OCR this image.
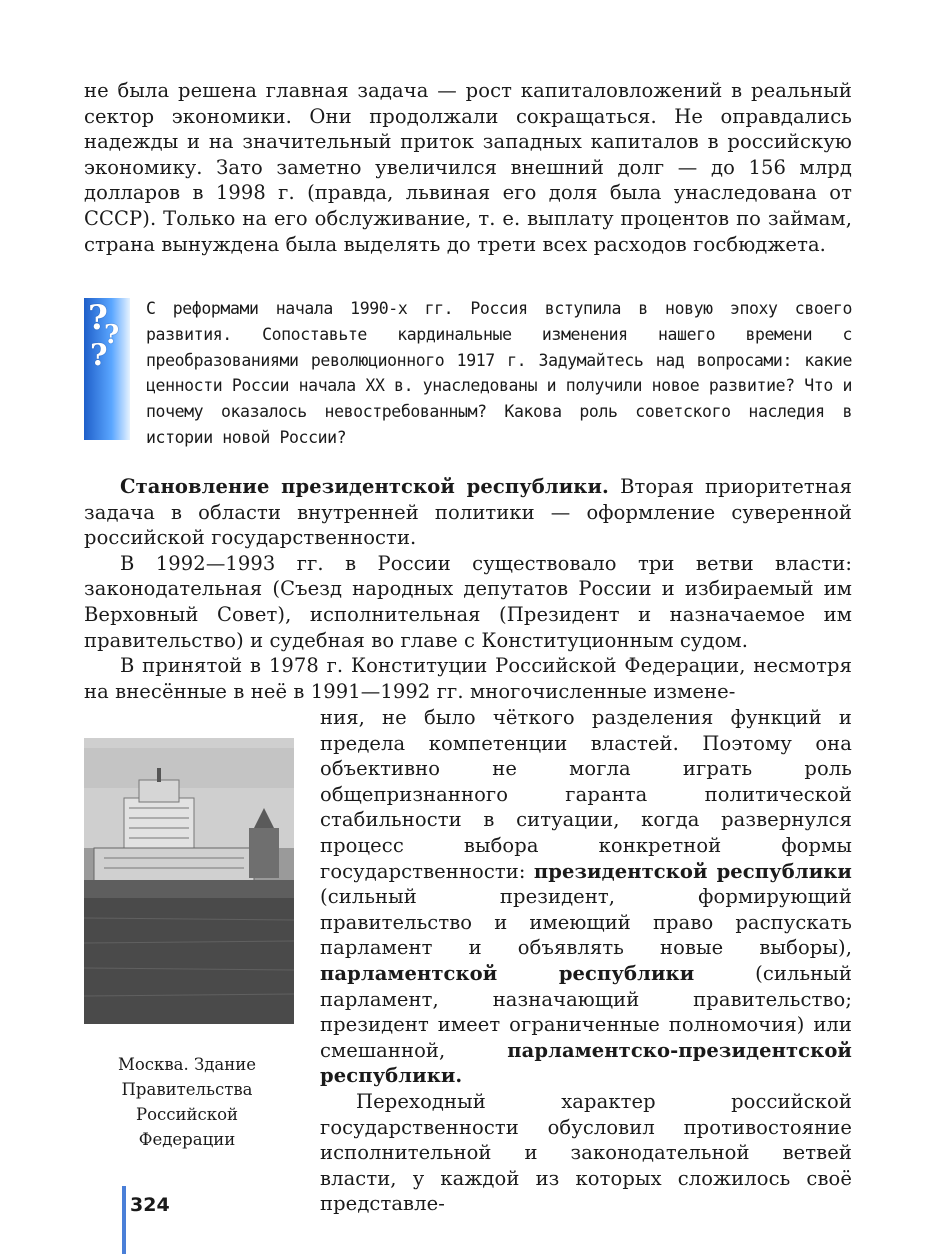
не была решена главная задача — рост капиталовложений в реальный сектор экономики. Они продолжали сокращаться. Не оправдались надежды и на значительный приток западных капиталов в российскую экономику. Зато заметно увеличился внешний долг — до 156 млрд долларов в 1998 г. (правда, львиная его доля была унаследована от СССР). Только на его обслуживание, т. е. выплату процентов по займам, страна вынуждена была выделять до трети всех расходов госбюджета.

?
?
?
С реформами начала 1990-х гг. Россия вступила в новую эпоху своего развития. Сопоставьте кардинальные изменения нашего времени с преобразованиями революционного 1917 г. Задумайтесь над вопросами: какие ценности России начала XX в. унаследованы и получили новое развитие? Что и почему оказалось невостребованным? Какова роль советского наследия в истории новой России?

Становление президентской республики. Вторая приоритетная задача в области внутренней политики — оформление суверенной российской государственности.

В 1992—1993 гг. в России существовало три ветви власти: законодательная (Съезд народных депутатов России и избираемый им Верховный Совет), исполнительная (Президент и назначаемое им правительство) и судебная во главе с Конституционным судом.

В принятой в 1978 г. Конституции Российской Федерации, несмотря на внесённые в неё в 1991—1992 гг. многочисленные измене-

Москва. Здание
Правительства
Российской
Федерации

ния, не было чёткого разделения функций и предела компетенции властей. Поэтому она объективно не могла играть роль общепризнанного гаранта политической стабильности в ситуации, когда развернулся процесс выбора конкретной формы государственности: президентской республики (сильный президент, формирующий правительство и имеющий право распускать парламент и объявлять новые выборы), парламентской республики (сильный парламент, назначающий правительство; президент имеет ограниченные полномочия) или смешанной, парламентско-президентской республики.

Переходный характер российской государственности обусловил противостояние исполнительной и законодательной ветвей власти, у каждой из которых сложилось своё представле-

324
